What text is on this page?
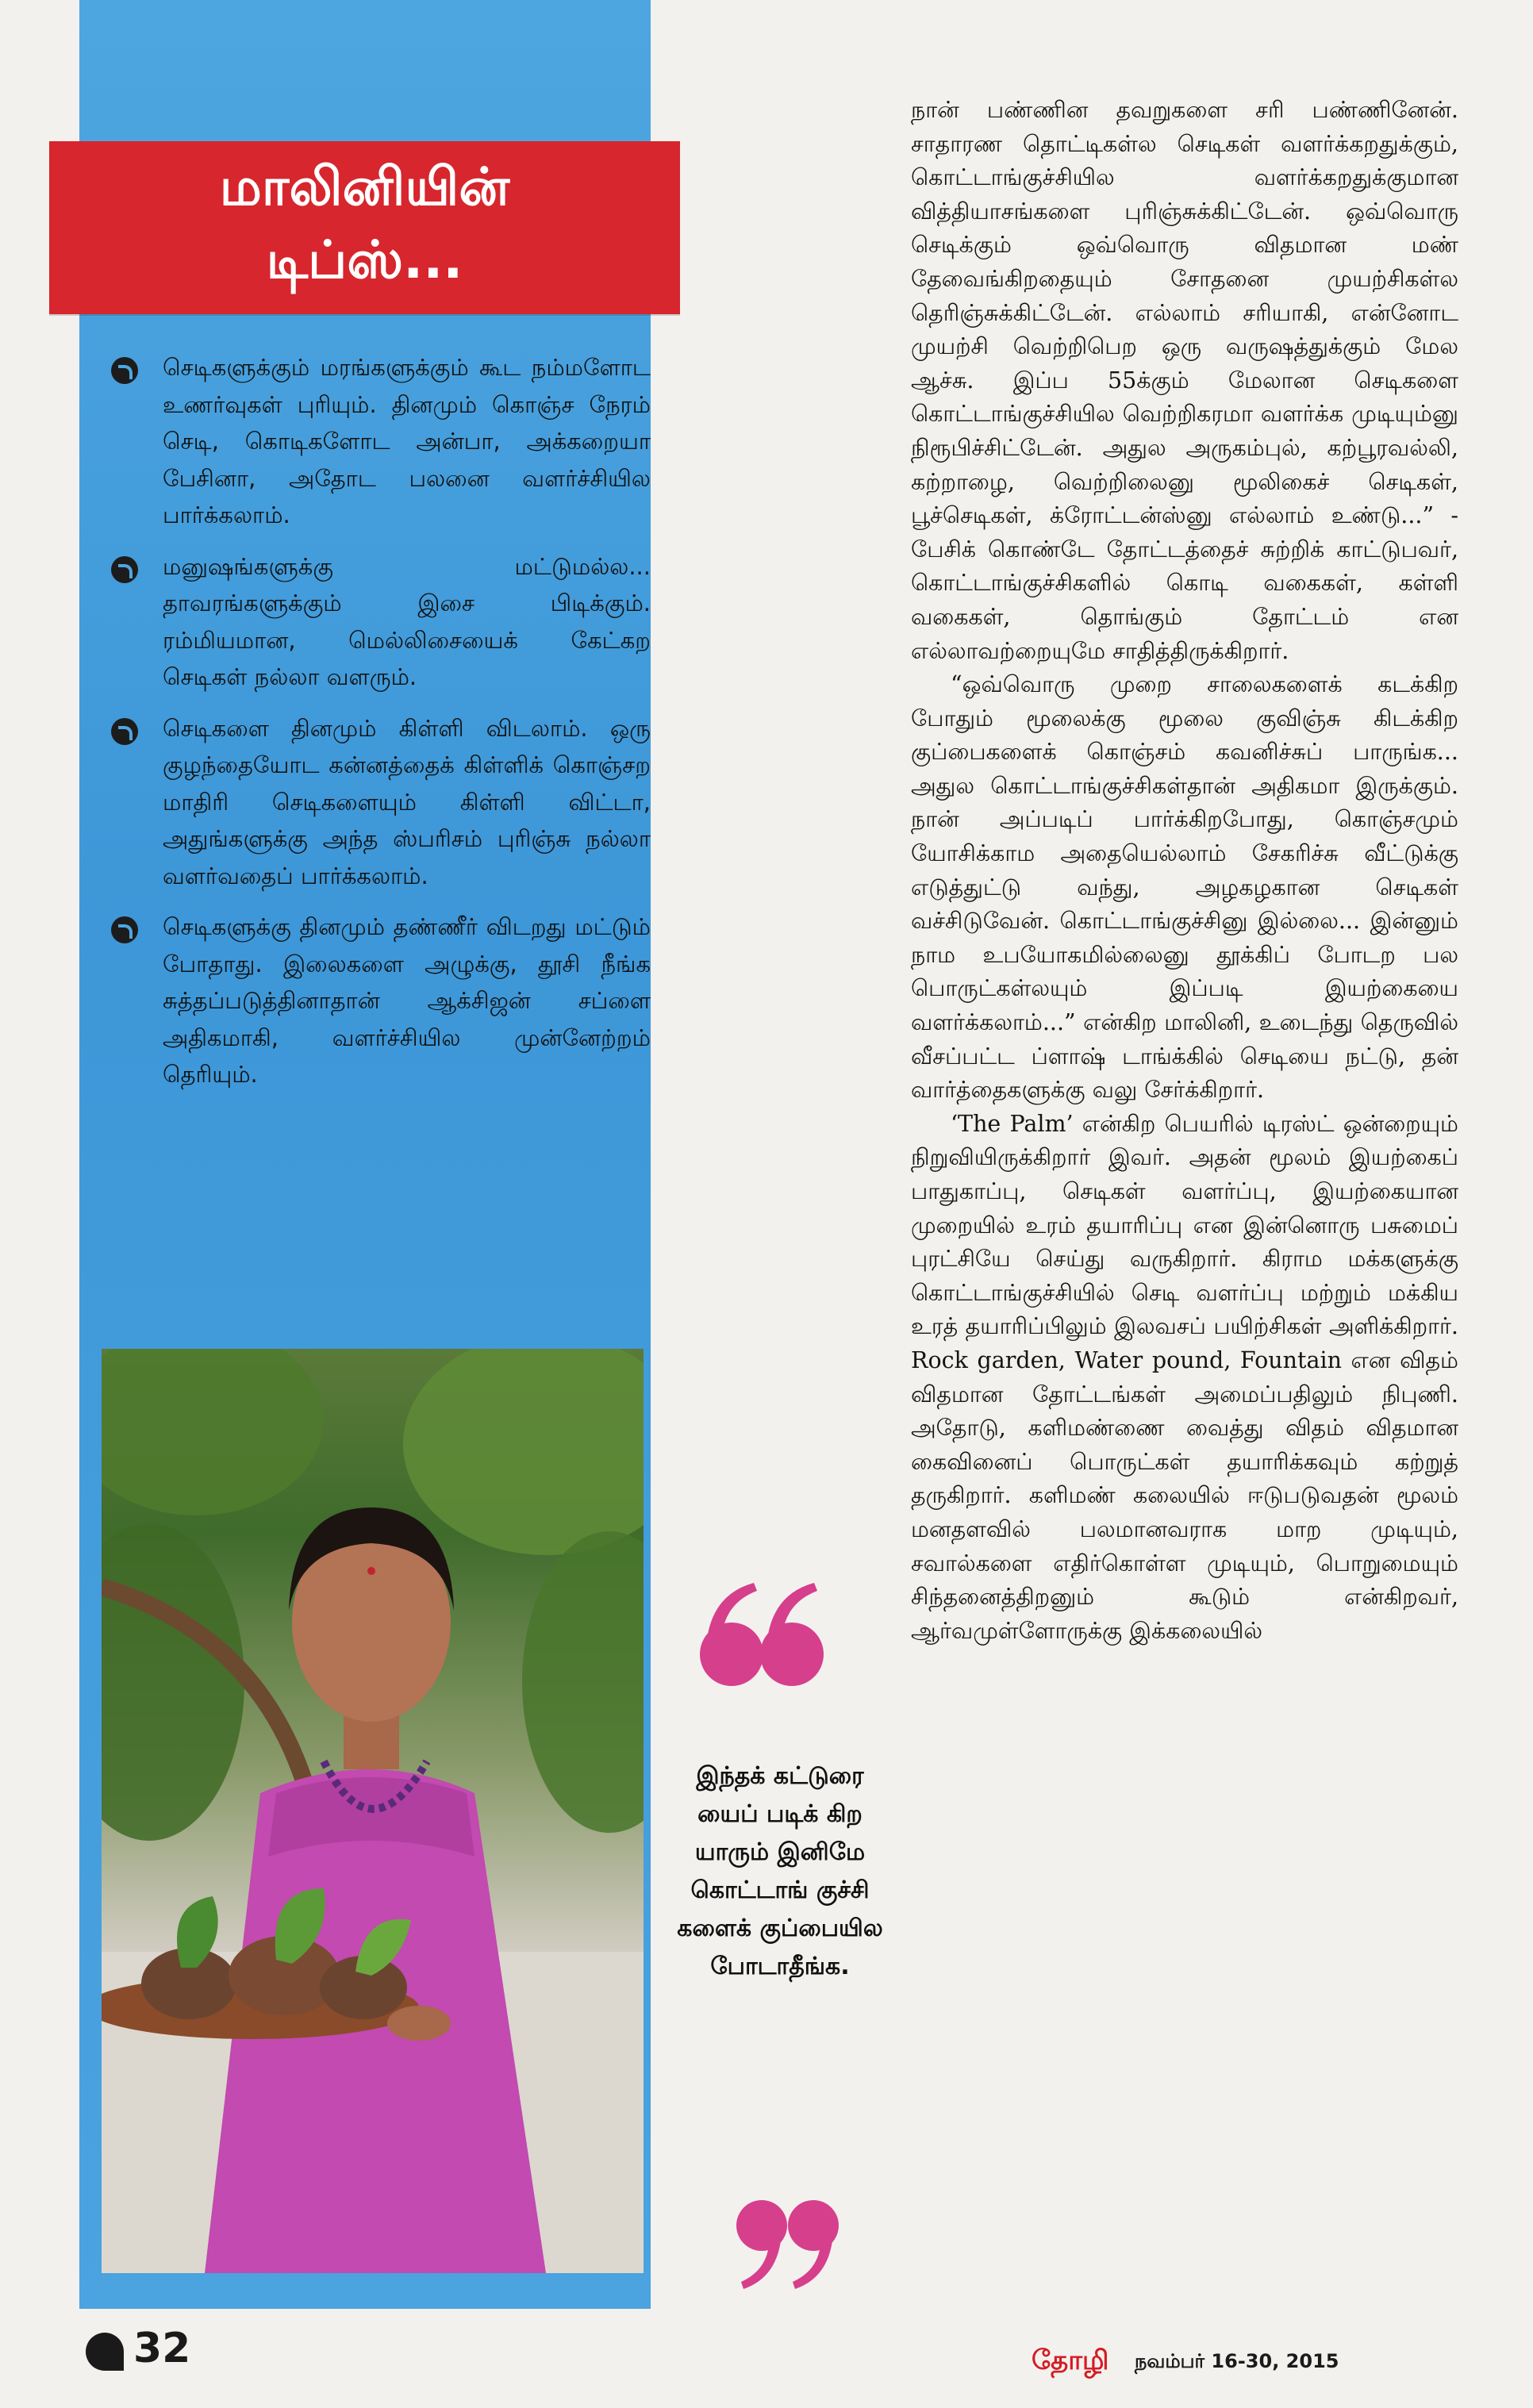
மாலினியின்
டிப்ஸ்...
செடிகளுக்கும் மரங்களுக்கும் கூட நம்மளோட உணர்வுகள் புரியும். தினமும் கொஞ்ச நேரம் செடி, கொடிகளோட அன்பா, அக்கறையா பேசினா, அதோட பலனை வளர்ச்சியில பார்க்கலாம்.
மனுஷங்களுக்கு மட்டுமல்ல... தாவரங்களுக்கும் இசை பிடிக்கும். ரம்மியமான, மெல்லிசையைக் கேட்கற செடிகள் நல்லா வளரும்.
செடிகளை தினமும் கிள்ளி விடலாம். ஒரு குழந்தையோட கன்னத்தைக் கிள்ளிக் கொஞ்சற மாதிரி செடிகளையும் கிள்ளி விட்டா, அதுங்களுக்கு அந்த ஸ்பரிசம் புரிஞ்சு நல்லா வளர்வதைப் பார்க்கலாம்.
செடிகளுக்கு தினமும் தண்ணீர் விடறது மட்டும் போதாது. இலைகளை அழுக்கு, தூசி நீங்க சுத்தப்படுத்தினாதான் ஆக்சிஜன் சப்ளை அதிகமாகி, வளர்ச்சியில முன்னேற்றம் தெரியும்.
இந்தக் கட்டுரை யைப் படிக் கிற யாரும் இனிமே கொட்டாங் குச்சி களைக் குப்பையில போடாதீங்க.

நான் பண்ணின தவறுகளை சரி பண்ணினேன். சாதாரண தொட்டிகள்ல செடிகள் வளர்க்கறதுக்கும், கொட்டாங்குச்சியில வளர்க்கறதுக்குமான வித்தியாசங்களை புரிஞ்சுக்கிட்டேன். ஒவ்வொரு செடிக்கும் ஒவ்வொரு விதமான மண் தேவைங்கிறதையும் சோதனை முயற்சிகள்ல தெரிஞ்சுக்கிட்டேன். எல்லாம் சரியாகி, என்னோட முயற்சி வெற்றிபெற ஒரு வருஷத்துக்கும் மேல ஆச்சு. இப்ப 55க்கும் மேலான செடிகளை கொட்டாங்குச்சியில வெற்றிகரமா வளர்க்க முடியும்னு நிரூபிச்சிட்டேன். அதுல அருகம்புல், கற்பூரவல்லி, கற்றாழை, வெற்றிலைனு மூலிகைச் செடிகள், பூச்செடிகள், க்ரோட்டன்ஸ்னு எல்லாம் உண்டு...” - பேசிக் கொண்டே தோட்டத்தைச் சுற்றிக் காட்டுபவர், கொட்டாங்குச்சிகளில் கொடி வகைகள், கள்ளி வகைகள், தொங்கும் தோட்டம் என எல்லாவற்றையுமே சாதித்திருக்கிறார்.

“ஒவ்வொரு முறை சாலைகளைக் கடக்கிற போதும் மூலைக்கு மூலை குவிஞ்சு கிடக்கிற குப்பைகளைக் கொஞ்சம் கவனிச்சுப் பாருங்க... அதுல கொட்டாங்குச்சிகள்தான் அதிகமா இருக்கும். நான் அப்படிப் பார்க்கிறபோது, கொஞ்சமும் யோசிக்காம அதையெல்லாம் சேகரிச்சு வீட்டுக்கு எடுத்துட்டு வந்து, அழகழகான செடிகள் வச்சிடுவேன். கொட்டாங்குச்சினு இல்லை... இன்னும் நாம உபயோகமில்லைனு தூக்கிப் போடற பல பொருட்கள்லயும் இப்படி இயற்கையை வளர்க்கலாம்...” என்கிற மாலினி, உடைந்து தெருவில் வீசப்பட்ட ப்ளாஷ் டாங்க்கில் செடியை நட்டு, தன் வார்த்தைகளுக்கு வலு சேர்க்கிறார்.

‘The Palm’ என்கிற பெயரில் டிரஸ்ட் ஒன்றையும் நிறுவியிருக்கிறார் இவர். அதன் மூலம் இயற்கைப் பாதுகாப்பு, செடிகள் வளர்ப்பு, இயற்கையான முறையில் உரம் தயாரிப்பு என இன்னொரு பசுமைப் புரட்சியே செய்து வருகிறார். கிராம மக்களுக்கு கொட்டாங்குச்சியில் செடி வளர்ப்பு மற்றும் மக்கிய உரத் தயாரிப்பிலும் இலவசப் பயிற்சிகள் அளிக்கிறார். Rock garden, Water pound, Fountain என விதம் விதமான தோட்டங்கள் அமைப்பதிலும் நிபுணி. அதோடு, களிமண்ணை வைத்து விதம் விதமான கைவினைப் பொருட்கள் தயாரிக்கவும் கற்றுத் தருகிறார். களிமண் கலையில் ஈடுபடுவதன் மூலம் மனதளவில் பலமானவராக மாற முடியும், சவால்களை எதிர்கொள்ள முடியும், பொறுமையும் சிந்தனைத்திறனும் கூடும் என்கிறவர், ஆர்வமுள்ளோருக்கு இக்கலையில்

32	தோழி நவம்பர் 16-30, 2015
